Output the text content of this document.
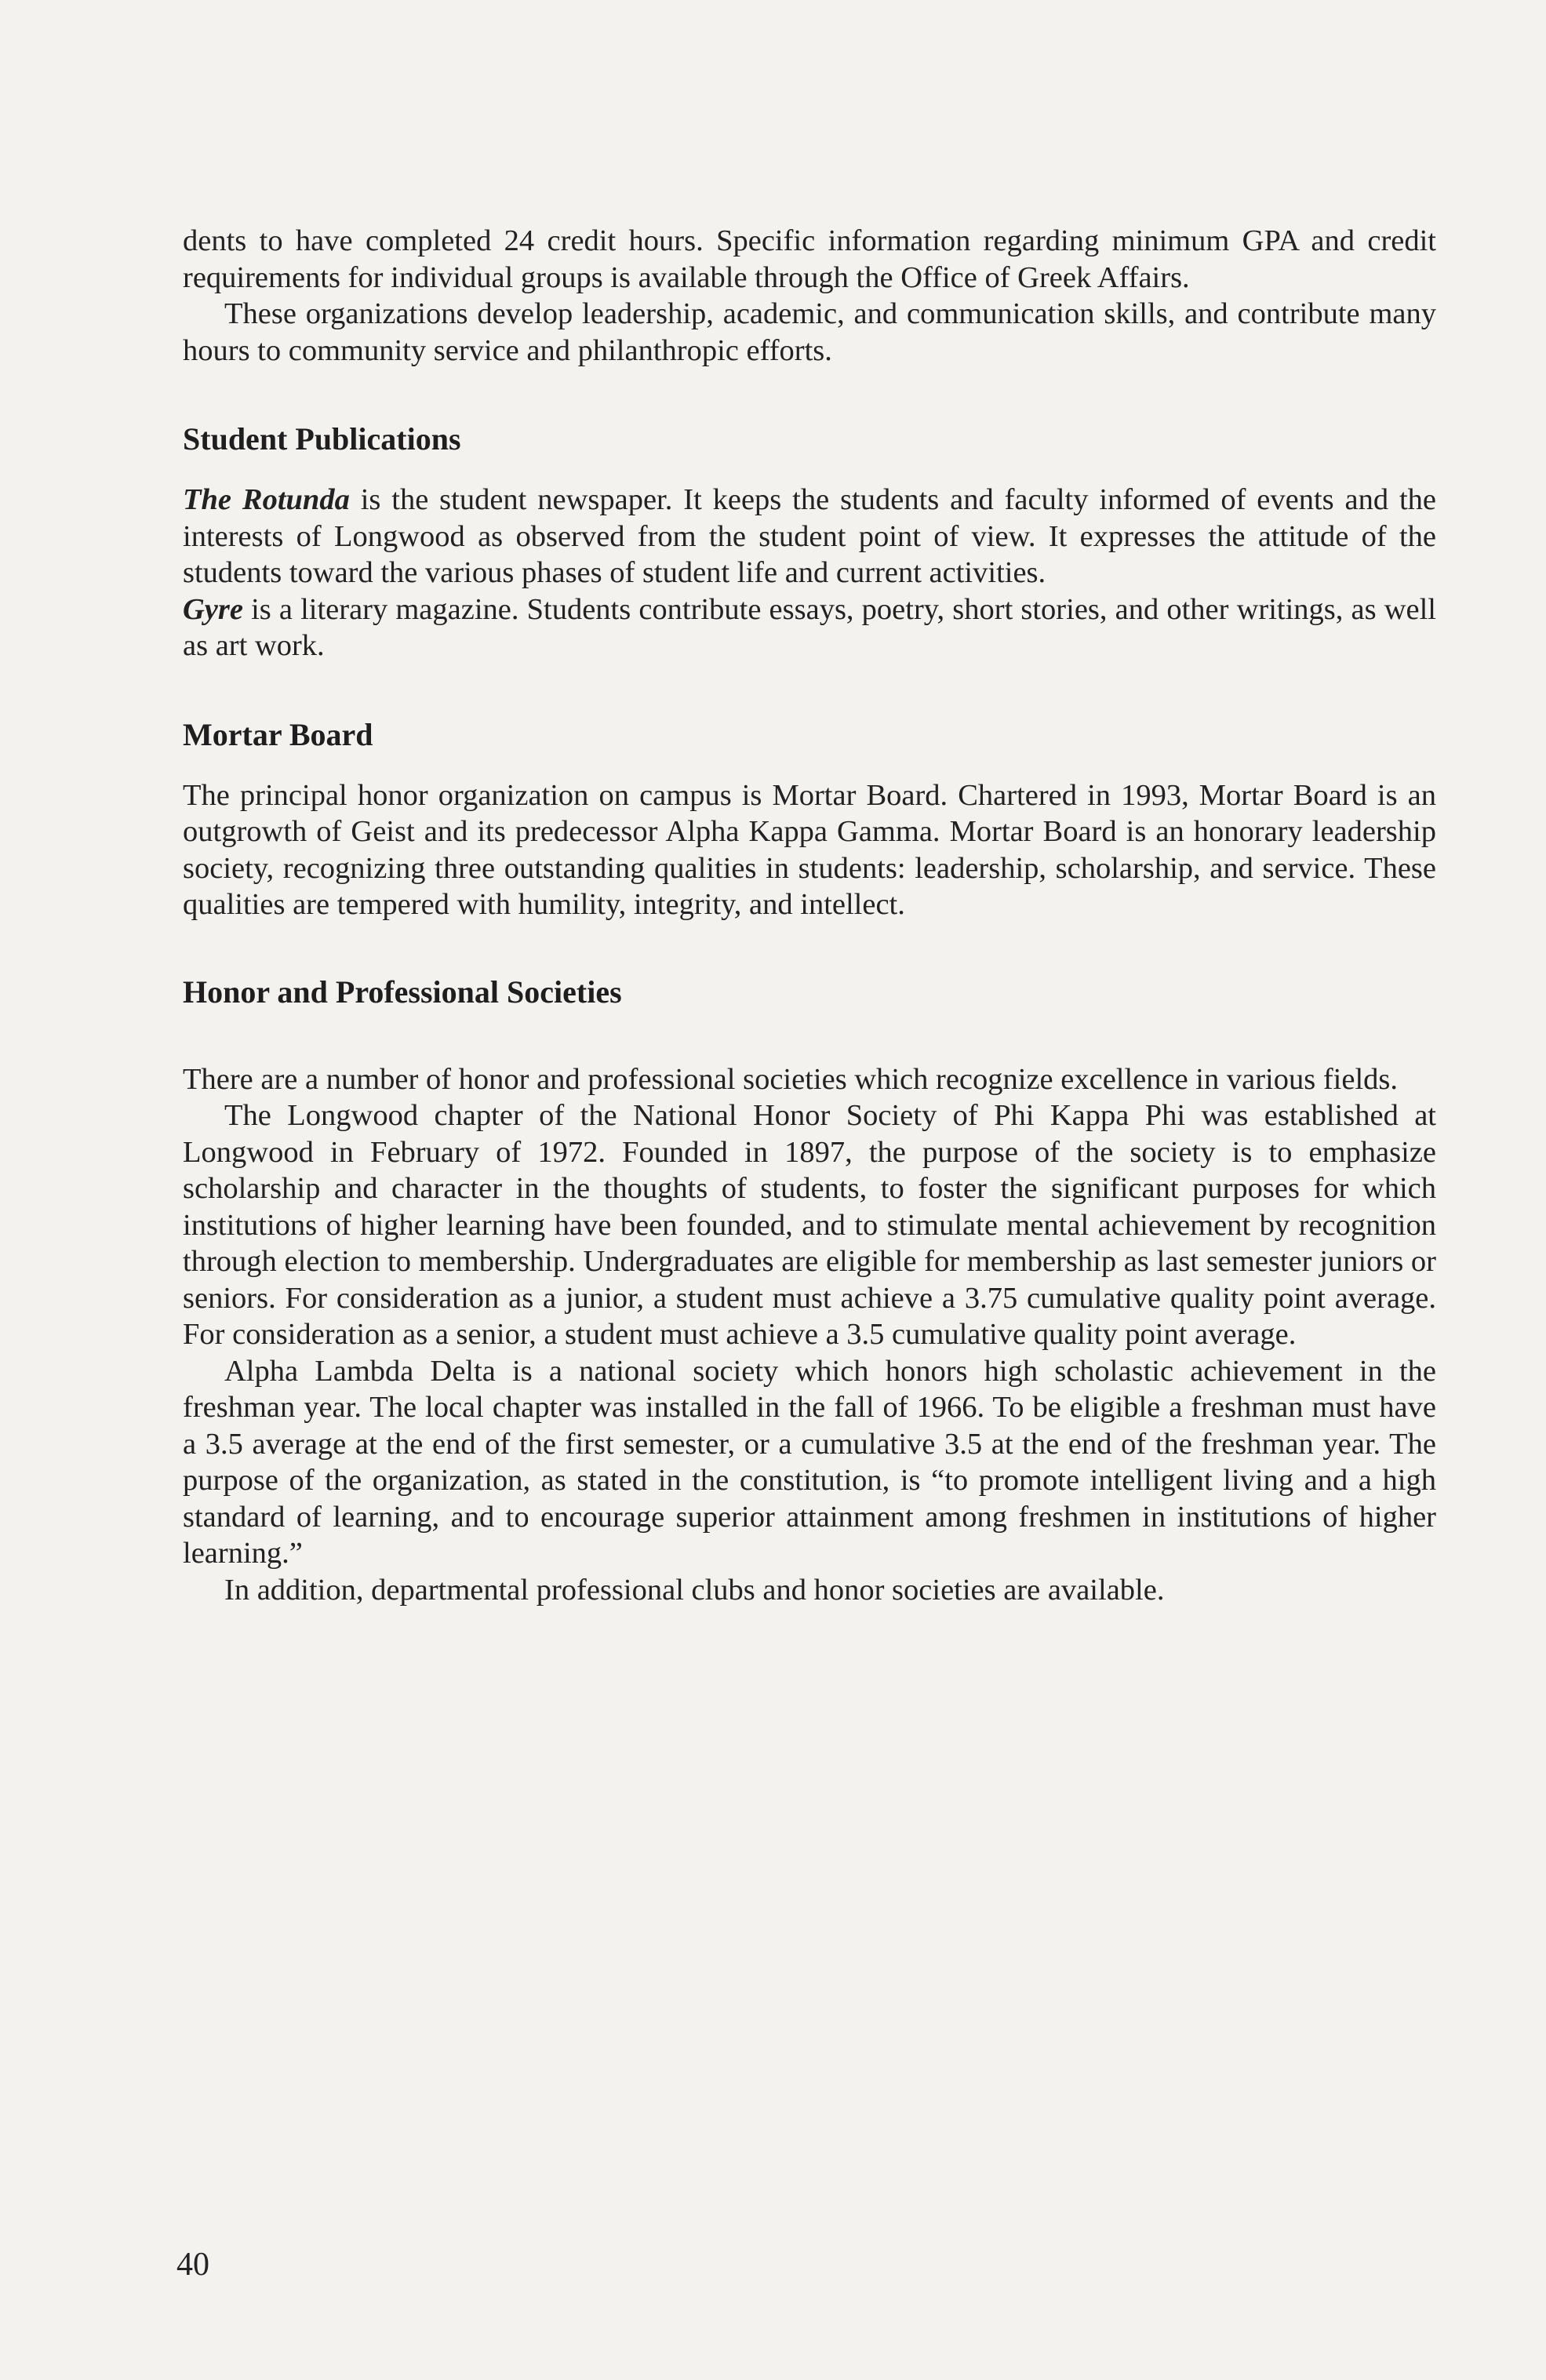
dents to have completed 24 credit hours. Specific information regarding minimum GPA and credit requirements for individual groups is available through the Office of Greek Affairs.

These organizations develop leadership, academic, and communication skills, and contribute many hours to community service and philanthropic efforts.

Student Publications

The Rotunda is the student newspaper. It keeps the students and faculty informed of events and the interests of Longwood as observed from the student point of view. It expresses the attitude of the students toward the various phases of student life and current activities.

Gyre is a literary magazine. Students contribute essays, poetry, short stories, and other writings, as well as art work.

Mortar Board

The principal honor organization on campus is Mortar Board. Chartered in 1993, Mortar Board is an outgrowth of Geist and its predecessor Alpha Kappa Gamma. Mortar Board is an honorary leadership society, recognizing three outstanding qualities in students: leadership, scholarship, and service. These qualities are tempered with humility, integrity, and intellect.

Honor and Professional Societies

There are a number of honor and professional societies which recognize excellence in various fields.

The Longwood chapter of the National Honor Society of Phi Kappa Phi was established at Longwood in February of 1972. Founded in 1897, the purpose of the society is to emphasize scholarship and character in the thoughts of students, to foster the significant purposes for which institutions of higher learning have been founded, and to stimulate mental achievement by recognition through election to membership. Undergraduates are eligible for membership as last semester juniors or seniors. For consideration as a junior, a student must achieve a 3.75 cumulative quality point average. For consideration as a senior, a student must achieve a 3.5 cumulative quality point average.

Alpha Lambda Delta is a national society which honors high scholastic achievement in the freshman year. The local chapter was installed in the fall of 1966. To be eligible a freshman must have a 3.5 average at the end of the first semester, or a cumulative 3.5 at the end of the freshman year. The purpose of the organization, as stated in the constitution, is “to promote intelligent living and a high standard of learning, and to encourage superior attainment among freshmen in institutions of higher learning.”

In addition, departmental professional clubs and honor societies are available.

40
